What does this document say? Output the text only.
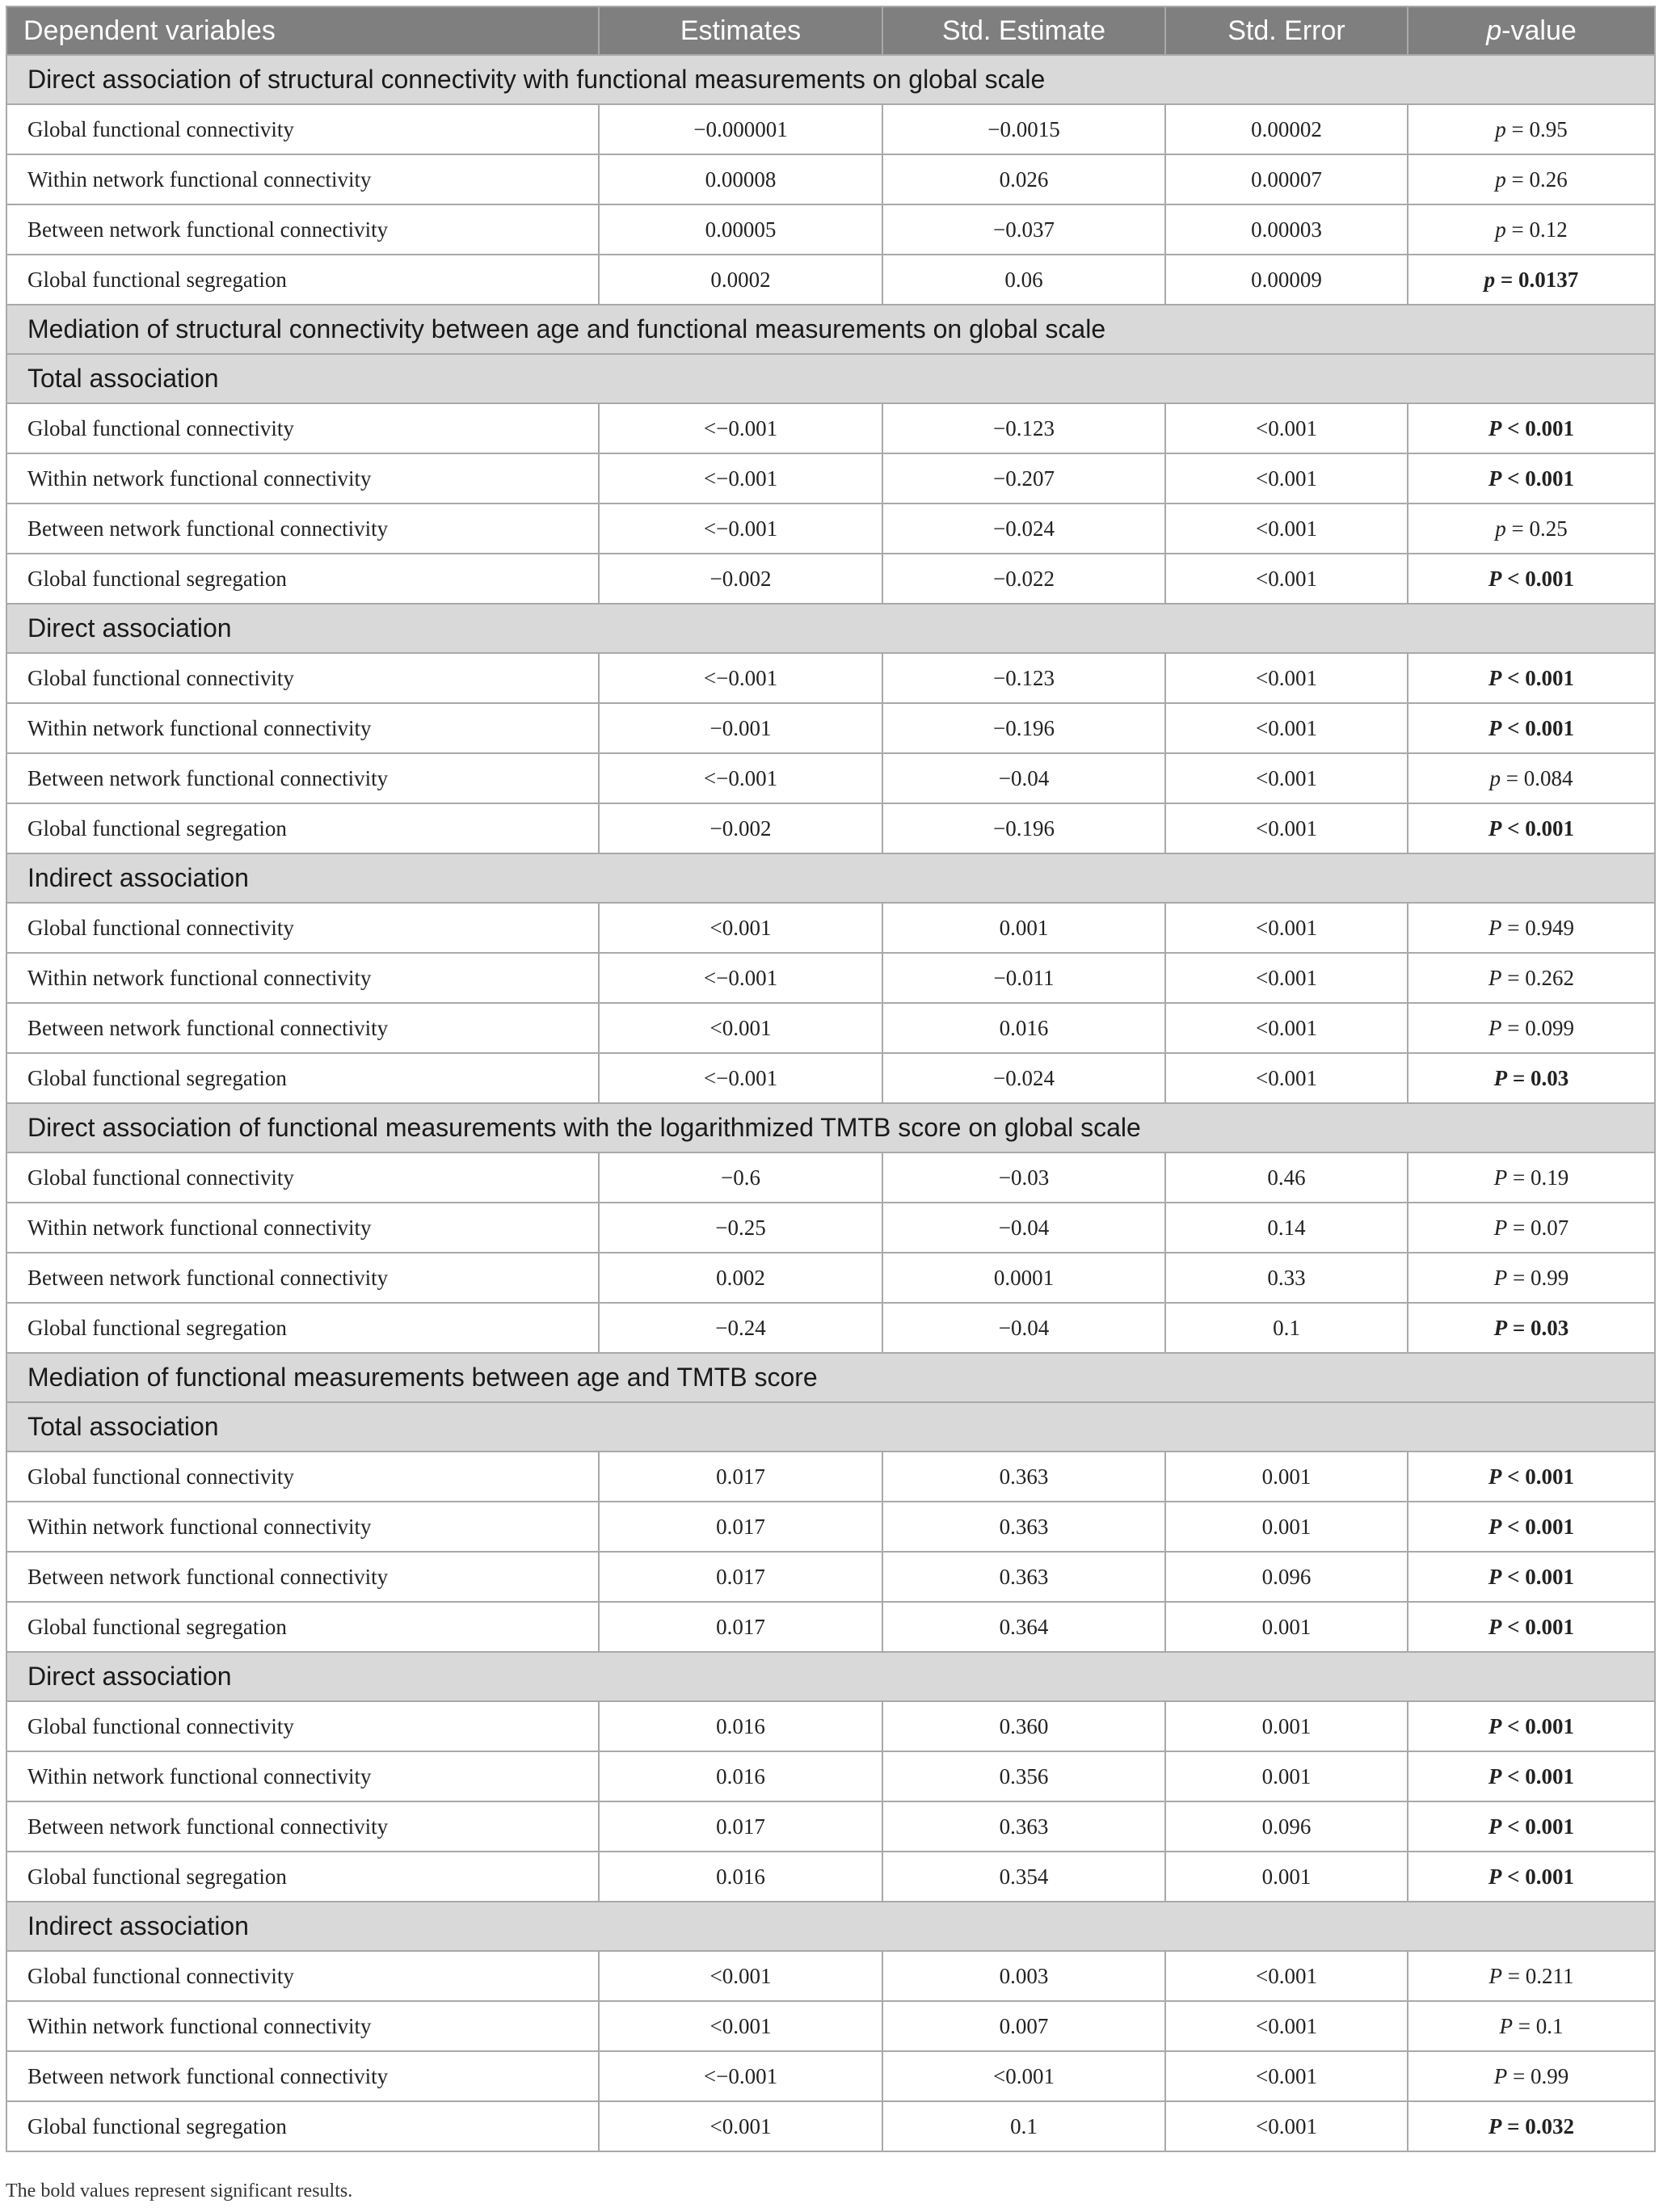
Dependent variables	Estimates	Std. Estimate	Std. Error	p-value
Direct association of structural connectivity with functional measurements on global scale				
Global functional connectivity	−0.000001	−0.0015	0.00002	p = 0.95
Within network functional connectivity	0.00008	0.026	0.00007	p = 0.26
Between network functional connectivity	0.00005	−0.037	0.00003	p = 0.12
Global functional segregation	0.0002	0.06	0.00009	p = 0.0137
Mediation of structural connectivity between age and functional measurements on global scale				
Total association				
Global functional connectivity	<−0.001	−0.123	<0.001	P < 0.001
Within network functional connectivity	<−0.001	−0.207	<0.001	P < 0.001
Between network functional connectivity	<−0.001	−0.024	<0.001	p = 0.25
Global functional segregation	−0.002	−0.022	<0.001	P < 0.001
Direct association				
Global functional connectivity	<−0.001	−0.123	<0.001	P < 0.001
Within network functional connectivity	−0.001	−0.196	<0.001	P < 0.001
Between network functional connectivity	<−0.001	−0.04	<0.001	p = 0.084
Global functional segregation	−0.002	−0.196	<0.001	P < 0.001
Indirect association				
Global functional connectivity	<0.001	0.001	<0.001	P = 0.949
Within network functional connectivity	<−0.001	−0.011	<0.001	P = 0.262
Between network functional connectivity	<0.001	0.016	<0.001	P = 0.099
Global functional segregation	<−0.001	−0.024	<0.001	P = 0.03
Direct association of functional measurements with the logarithmized TMTB score on global scale				
Global functional connectivity	−0.6	−0.03	0.46	P = 0.19
Within network functional connectivity	−0.25	−0.04	0.14	P = 0.07
Between network functional connectivity	0.002	0.0001	0.33	P = 0.99
Global functional segregation	−0.24	−0.04	0.1	P = 0.03
Mediation of functional measurements between age and TMTB score				
Total association				
Global functional connectivity	0.017	0.363	0.001	P < 0.001
Within network functional connectivity	0.017	0.363	0.001	P < 0.001
Between network functional connectivity	0.017	0.363	0.096	P < 0.001
Global functional segregation	0.017	0.364	0.001	P < 0.001
Direct association				
Global functional connectivity	0.016	0.360	0.001	P < 0.001
Within network functional connectivity	0.016	0.356	0.001	P < 0.001
Between network functional connectivity	0.017	0.363	0.096	P < 0.001
Global functional segregation	0.016	0.354	0.001	P < 0.001
Indirect association				
Global functional connectivity	<0.001	0.003	<0.001	P = 0.211
Within network functional connectivity	<0.001	0.007	<0.001	P = 0.1
Between network functional connectivity	<−0.001	<0.001	<0.001	P = 0.99
Global functional segregation	<0.001	0.1	<0.001	P = 0.032
The bold values represent significant results.
